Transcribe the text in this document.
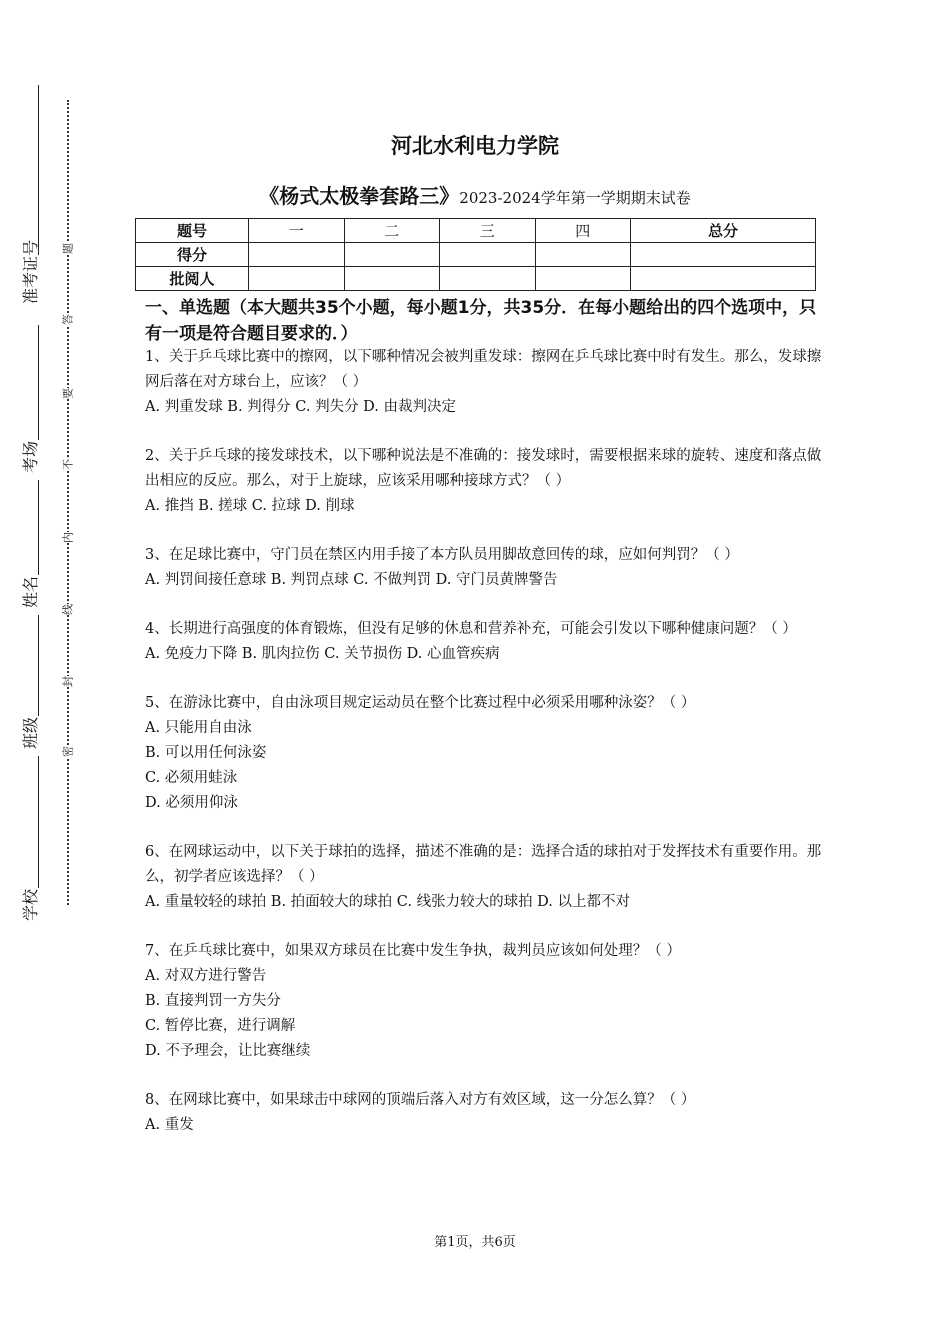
准考证号
考场
姓名
班级
学校
题
答
要
不
内
线
封
密
河北水利电力学院
《杨式太极拳套路三》2023-2024学年第一学期期末试卷
题号	一	二	三	四	总分
得分					
批阅人					
一、单选题（本大题共35个小题，每小题1分，共35分．在每小题给出的四个选项中，只有一项是符合题目要求的．）

1、关于乒乓球比赛中的擦网，以下哪种情况会被判重发球：擦网在乒乓球比赛中时有发生。那么，发球擦网后落在对方球台上，应该？（ ）

A. 判重发球 B. 判得分 C. 判失分 D. 由裁判决定

2、关于乒乓球的接发球技术，以下哪种说法是不准确的：接发球时，需要根据来球的旋转、速度和落点做出相应的反应。那么，对于上旋球，应该采用哪种接球方式？（ ）

A. 推挡 B. 搓球 C. 拉球 D. 削球

3、在足球比赛中，守门员在禁区内用手接了本方队员用脚故意回传的球，应如何判罚？（ ）

A. 判罚间接任意球 B. 判罚点球 C. 不做判罚 D. 守门员黄牌警告

4、长期进行高强度的体育锻炼，但没有足够的休息和营养补充，可能会引发以下哪种健康问题？（ ）

A. 免疫力下降 B. 肌肉拉伤 C. 关节损伤 D. 心血管疾病

5、在游泳比赛中，自由泳项目规定运动员在整个比赛过程中必须采用哪种泳姿？（ ）

A. 只能用自由泳

B. 可以用任何泳姿

C. 必须用蛙泳

D. 必须用仰泳

6、在网球运动中，以下关于球拍的选择，描述不准确的是：选择合适的球拍对于发挥技术有重要作用。那么，初学者应该选择？（ ）

A. 重量较轻的球拍 B. 拍面较大的球拍 C. 线张力较大的球拍 D. 以上都不对

7、在乒乓球比赛中，如果双方球员在比赛中发生争执，裁判员应该如何处理？（ ）

A. 对双方进行警告

B. 直接判罚一方失分

C. 暂停比赛，进行调解

D. 不予理会，让比赛继续

8、在网球比赛中，如果球击中球网的顶端后落入对方有效区域，这一分怎么算？（ ）

A. 重发

第1页，共6页
